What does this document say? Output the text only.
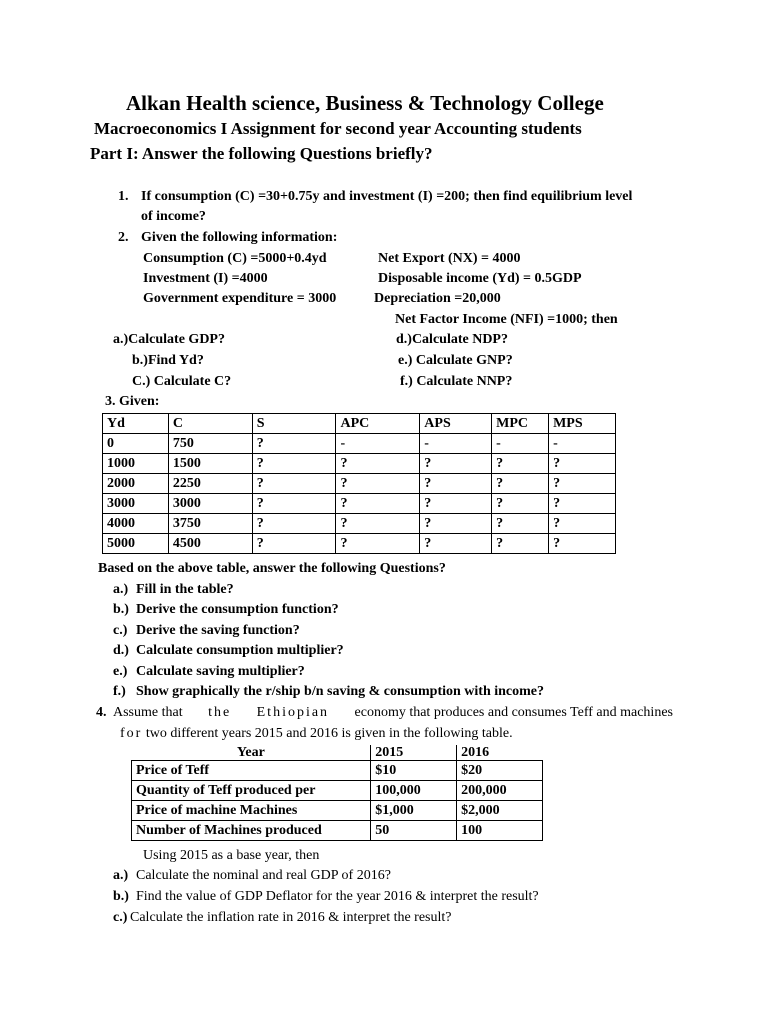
Alkan Health science, Business & Technology College
Macroeconomics I Assignment for second year Accounting students
Part I: Answer the following Questions briefly?
1. If consumption (C) =30+0.75y and investment (I) =200; then find equilibrium level
of income?
2. Given the following information:
Consumption (C) =5000+0.4yd	Net Export (NX) = 4000
Investment (I) =4000	Disposable income (Yd) = 0.5GDP
Government expenditure = 3000	Depreciation =20,000
Net Factor Income (NFI) =1000; then
a.)Calculate GDP?	d.)Calculate NDP?
b.)Find Yd?	e.) Calculate GNP?
C.) Calculate C?	f.) Calculate NNP?
3. Given:
Yd	C	S	APC	APS	MPC	MPS
0	750	?	-	-	-	-
1000	1500	?	?	?	?	?
2000	2250	?	?	?	?	?
3000	3000	?	?	?	?	?
4000	3750	?	?	?	?	?
5000	4500	?	?	?	?	?
Based on the above table, answer the following Questions?
a.) Fill in the table?
b.) Derive the consumption function?
c.) Derive the saving function?
d.) Calculate consumption multiplier?
e.) Calculate saving multiplier?
f.) Show graphically the r/ship b/n saving & consumption with income?
4. Assume that the Ethiopian economy that produces and consumes Teff and machines
for two different years 2015 and 2016 is given in the following table.
Year	2015	2016
Price of Teff	$10	$20
Quantity of Teff produced per	100,000	200,000
Price of machine Machines	$1,000	$2,000
Number of Machines produced	50	100
Using 2015 as a base year, then
a.) Calculate the nominal and real GDP of 2016?
b.) Find the value of GDP Deflator for the year 2016 & interpret the result?
c.) Calculate the inflation rate in 2016 & interpret the result?
